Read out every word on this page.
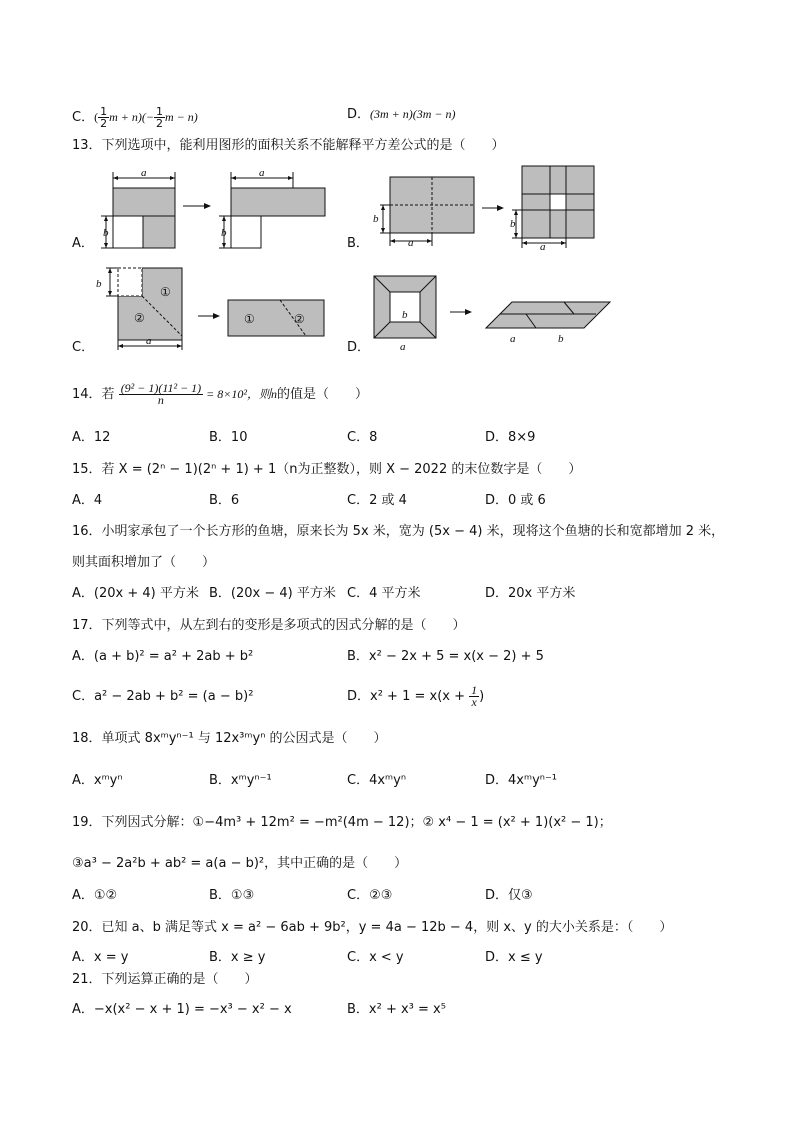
C．( $\frac{1}{2}$ $m + n)(- \frac{1}{2}$ m − n)	D．(3m + n)(3m − n)
13．下列选项中，能利用图形的面积关系不能解释平方差公式的是（　　）
A．	B．
C．	D．
a
b
a
b
b
a
b
a
①
②
b
a
①	②	b
a
a	b
14．若 $\frac{\text{(9² − 1)(11² − 1)}}{n} = 8\times 10^2$，则n的值是（　　）
A．12	B．10	C．8	D．8×9
15．若 X = (2ⁿ − 1)(2ⁿ + 1) + 1（n为正整数），则 X − 2022 的末位数字是（　　）
A．4	B．6	C．2 或 4	D．0 或 6
16．小明家承包了一个长方形的鱼塘，原来长为 5x 米，宽为 (5x − 4) 米，现将这个鱼塘的长和宽都增加 2 米，
则其面积增加了（　　）
A．(20x + 4) 平方米 B．(20x − 4) 平方米 C．4 平方米	D．20x 平方米
17．下列等式中，从左到右的变形是多项式的因式分解的是（　　）
A．(a + b)² = a² + 2ab + b²	B．x² − 2x + 5 = x(x − 2) + 5
C．a² − 2ab + b² = (a − b)²	D．$x^2 + 1 = x(x + \frac{1}{x}$ )
18．单项式 8xᵐyⁿ⁻¹ 与 12x³ᵐyⁿ 的公因式是（　　）
A．xᵐyⁿ	B．xᵐyⁿ⁻¹	C．4xᵐyⁿ	D．4xᵐyⁿ⁻¹
19．下列因式分解：①−4m³ + 12m² = −m²(4m − 12)；② x⁴ − 1 = (x² + 1)(x² − 1)；
③a³ − 2a²b + ab² = a(a − b)²，其中正确的是（　　）
A．①②	B．①③	C．②③	D．仅③
20．已知 a、b 满足等式 x = a² − 6ab + 9b²，y = 4a − 12b − 4，则 x、y 的大小关系是：（　　）
A．x = y	B．x ≥ y	C．x < y	D．x ≤ y
21．下列运算正确的是（　　）
A．−x(x² − x + 1) = −x³ − x² − x	B．x² + x³ = x⁵
